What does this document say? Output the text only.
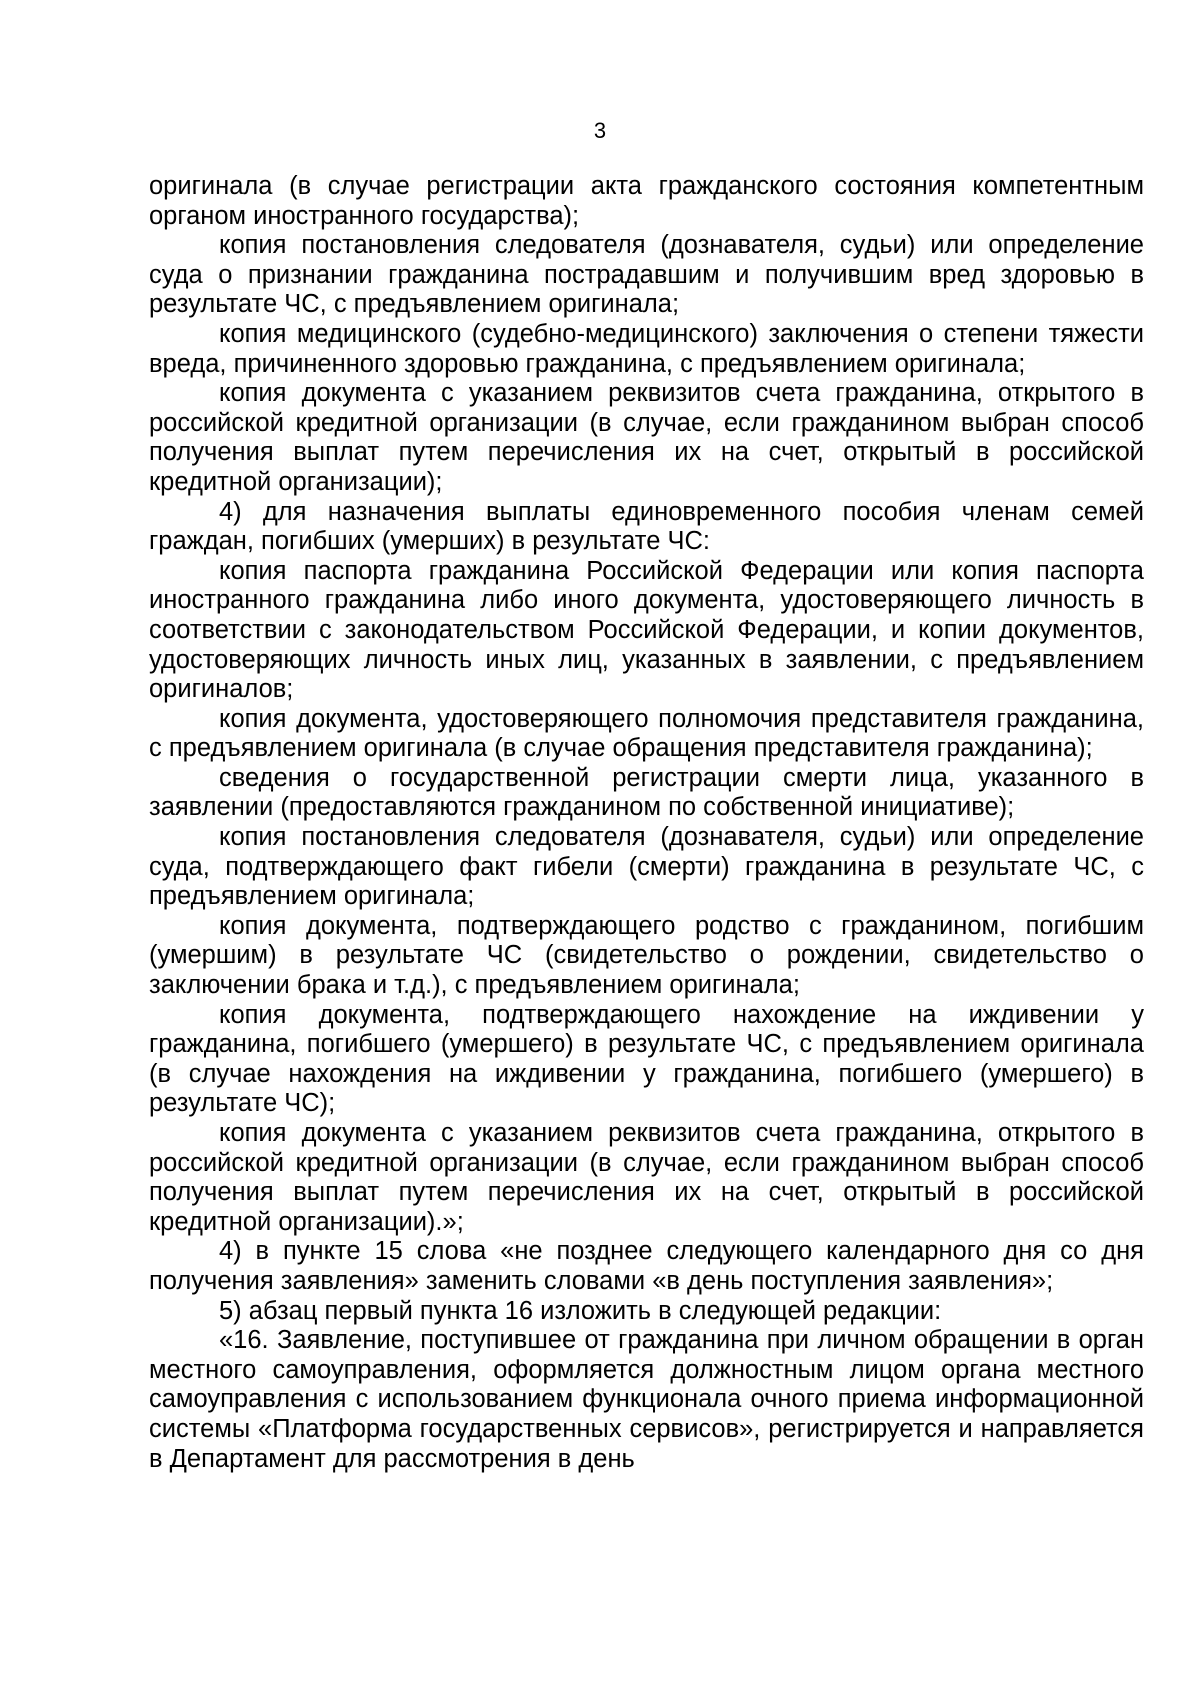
3

оригинала (в случае регистрации акта гражданского состояния компетентным органом иностранного государства);

копия постановления следователя (дознавателя, судьи) или определение суда о признании гражданина пострадавшим и получившим вред здоровью в результате ЧС, с предъявлением оригинала;

копия медицинского (судебно-медицинского) заключения о степени тяжести вреда, причиненного здоровью гражданина, с предъявлением оригинала;

копия документа с указанием реквизитов счета гражданина, открытого в российской кредитной организации (в случае, если гражданином выбран способ получения выплат путем перечисления их на счет, открытый в российской кредитной организации);

4) для назначения выплаты единовременного пособия членам семей граждан, погибших (умерших) в результате ЧС:

копия паспорта гражданина Российской Федерации или копия паспорта иностранного гражданина либо иного документа, удостоверяющего личность в соответствии с законодательством Российской Федерации, и копии документов, удостоверяющих личность иных лиц, указанных в заявлении, с предъявлением оригиналов;

копия документа, удостоверяющего полномочия представителя гражданина, с предъявлением оригинала (в случае обращения представителя гражданина);

сведения о государственной регистрации смерти лица, указанного в заявлении (предоставляются гражданином по собственной инициативе);

копия постановления следователя (дознавателя, судьи) или определение суда, подтверждающего факт гибели (смерти) гражданина в результате ЧС, с предъявлением оригинала;

копия документа, подтверждающего родство с гражданином, погибшим (умершим) в результате ЧС (свидетельство о рождении, свидетельство о заключении брака и т.д.), с предъявлением оригинала;

копия документа, подтверждающего нахождение на иждивении у гражданина, погибшего (умершего) в результате ЧС, с предъявлением оригинала (в случае нахождения на иждивении у гражданина, погибшего (умершего) в результате ЧС);

копия документа с указанием реквизитов счета гражданина, открытого в российской кредитной организации (в случае, если гражданином выбран способ получения выплат путем перечисления их на счет, открытый в российской кредитной организации).»;

4) в пункте 15 слова «не позднее следующего календарного дня со дня получения заявления» заменить словами «в день поступления заявления»;

5) абзац первый пункта 16 изложить в следующей редакции:

«16. Заявление, поступившее от гражданина при личном обращении в орган местного самоуправления, оформляется должностным лицом органа местного самоуправления с использованием функционала очного приема информационной системы «Платформа государственных сервисов», регистрируется и направляется в Департамент для рассмотрения в день
